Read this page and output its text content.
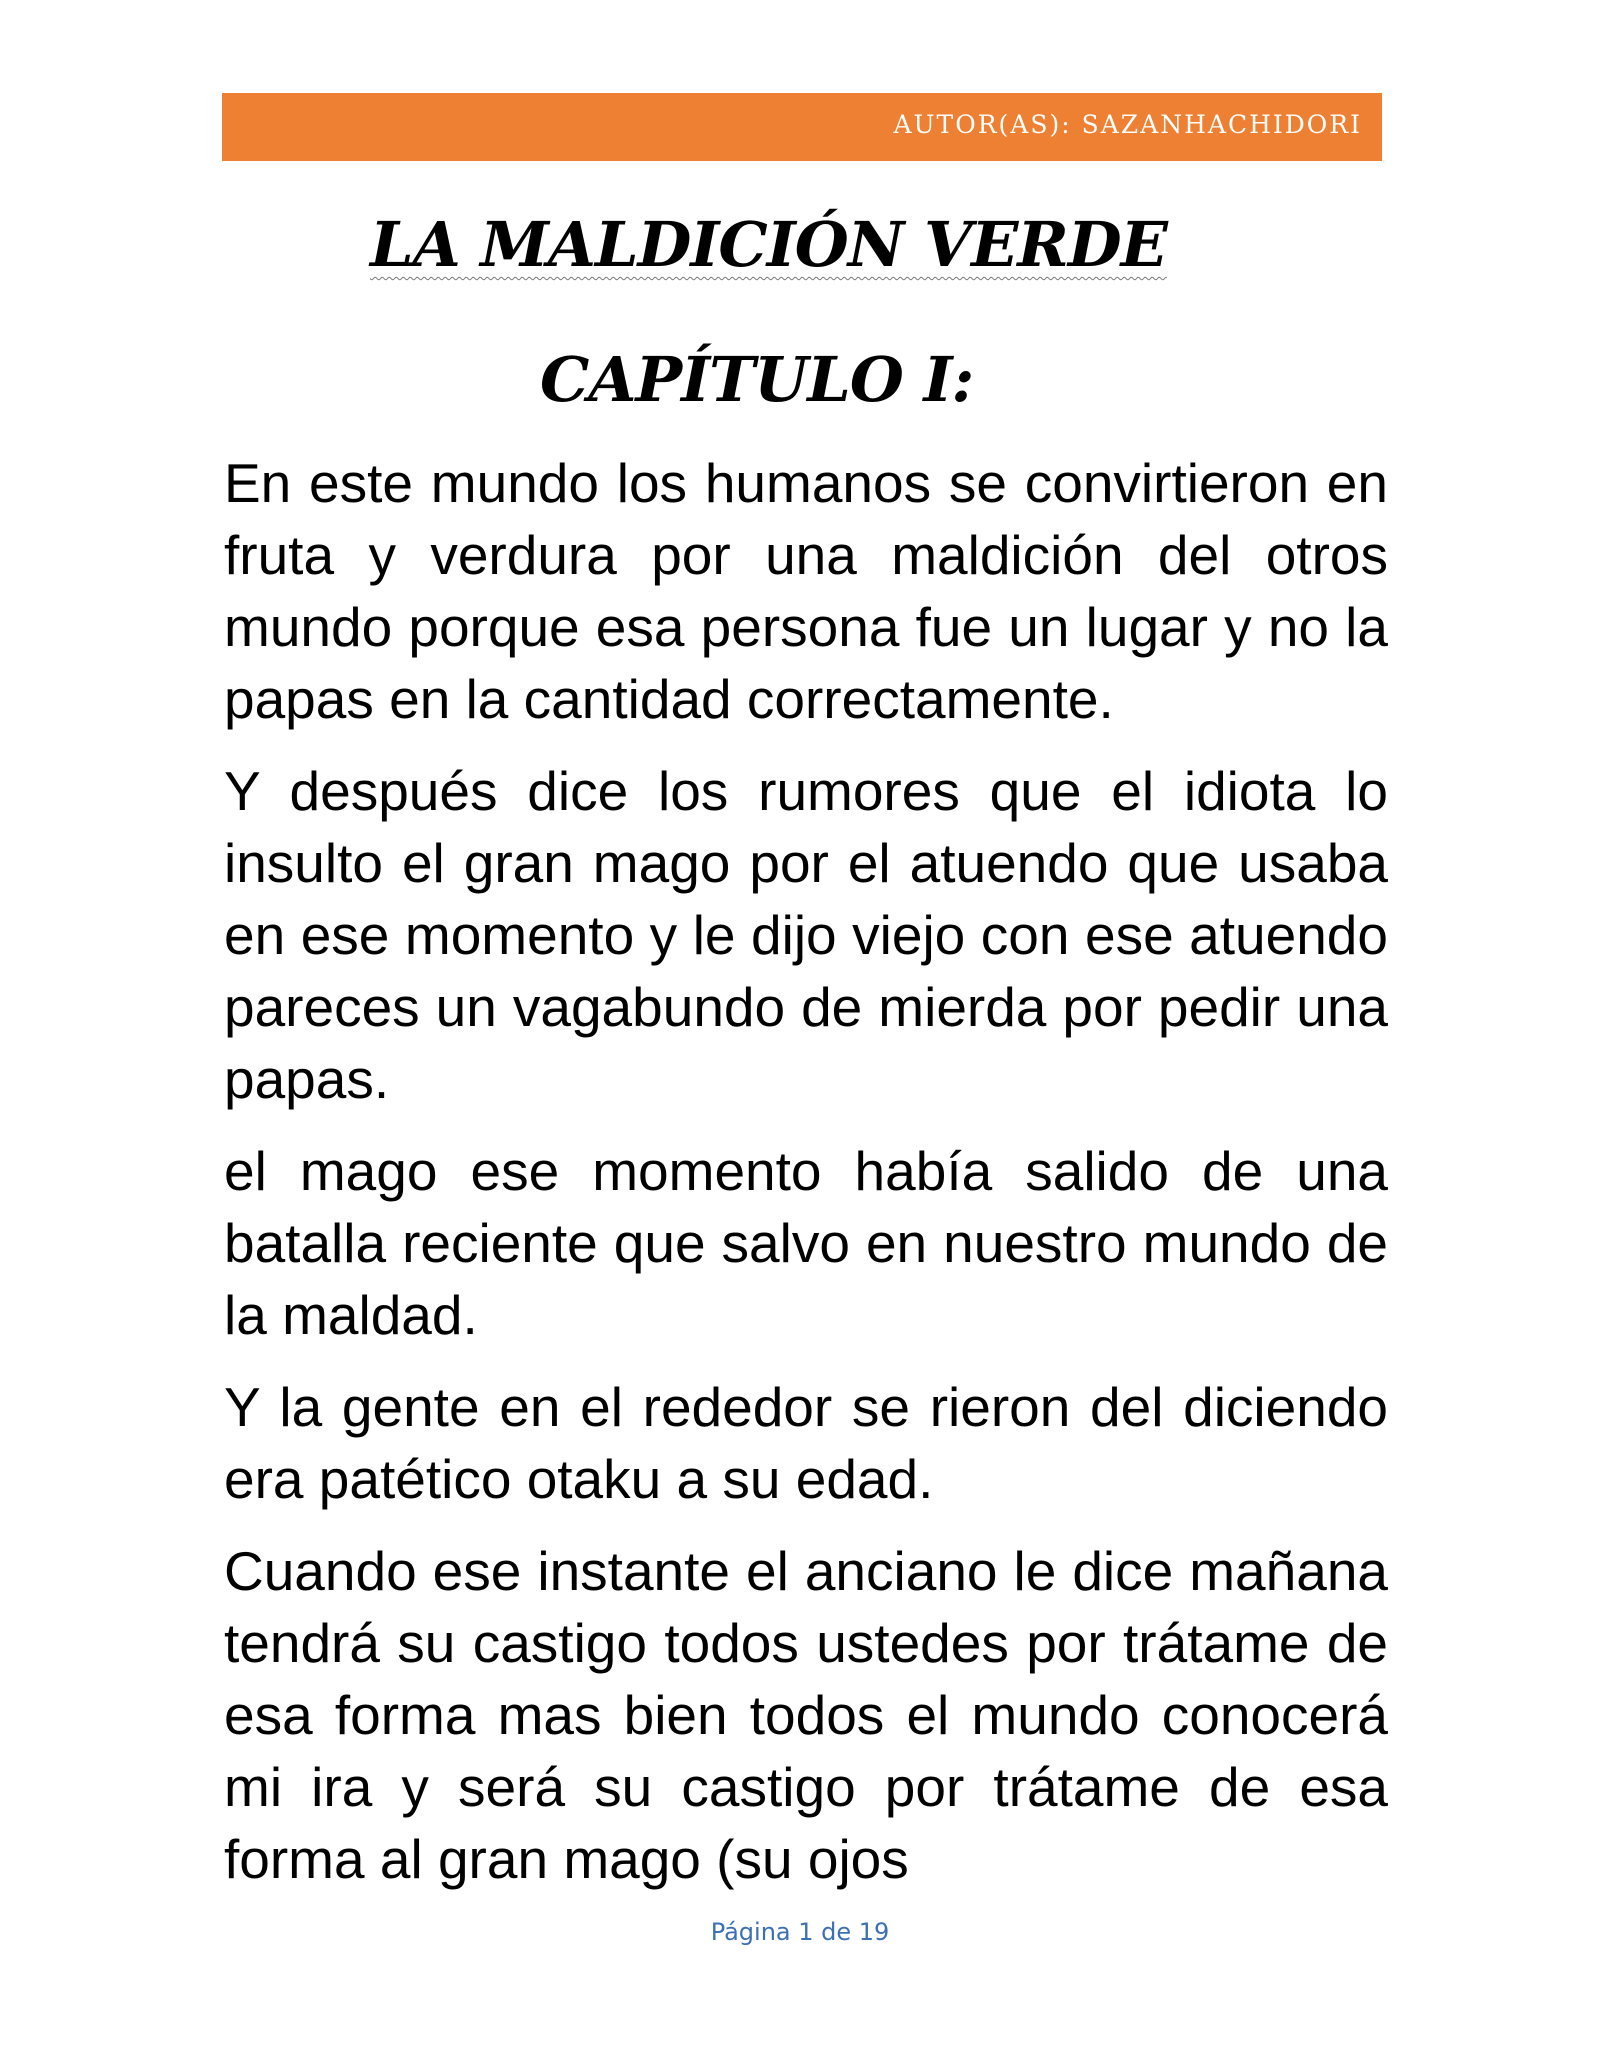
AUTOR(AS): SAZANHACHIDORI
LA MALDICIÓN VERDE
CAPÍTULO I:

En este mundo los humanos se convirtieron en fruta y verdura por una maldición del otros mundo porque esa persona fue un lugar y no la papas en la cantidad correctamente.

Y después dice los rumores que el idiota lo insulto el gran mago por el atuendo que usaba en ese momento y le dijo viejo con ese atuendo pareces un vagabundo de mierda por pedir una papas.

el mago ese momento había salido de una batalla reciente que salvo en nuestro mundo de la maldad.

Y la gente en el rededor se rieron del diciendo era patético otaku a su edad.

Cuando ese instante el anciano le dice mañana tendrá su castigo todos ustedes por trátame de esa forma mas bien todos el mundo conocerá mi ira y será su castigo por trátame de esa forma al gran mago (su ojos

Página 1 de 19
